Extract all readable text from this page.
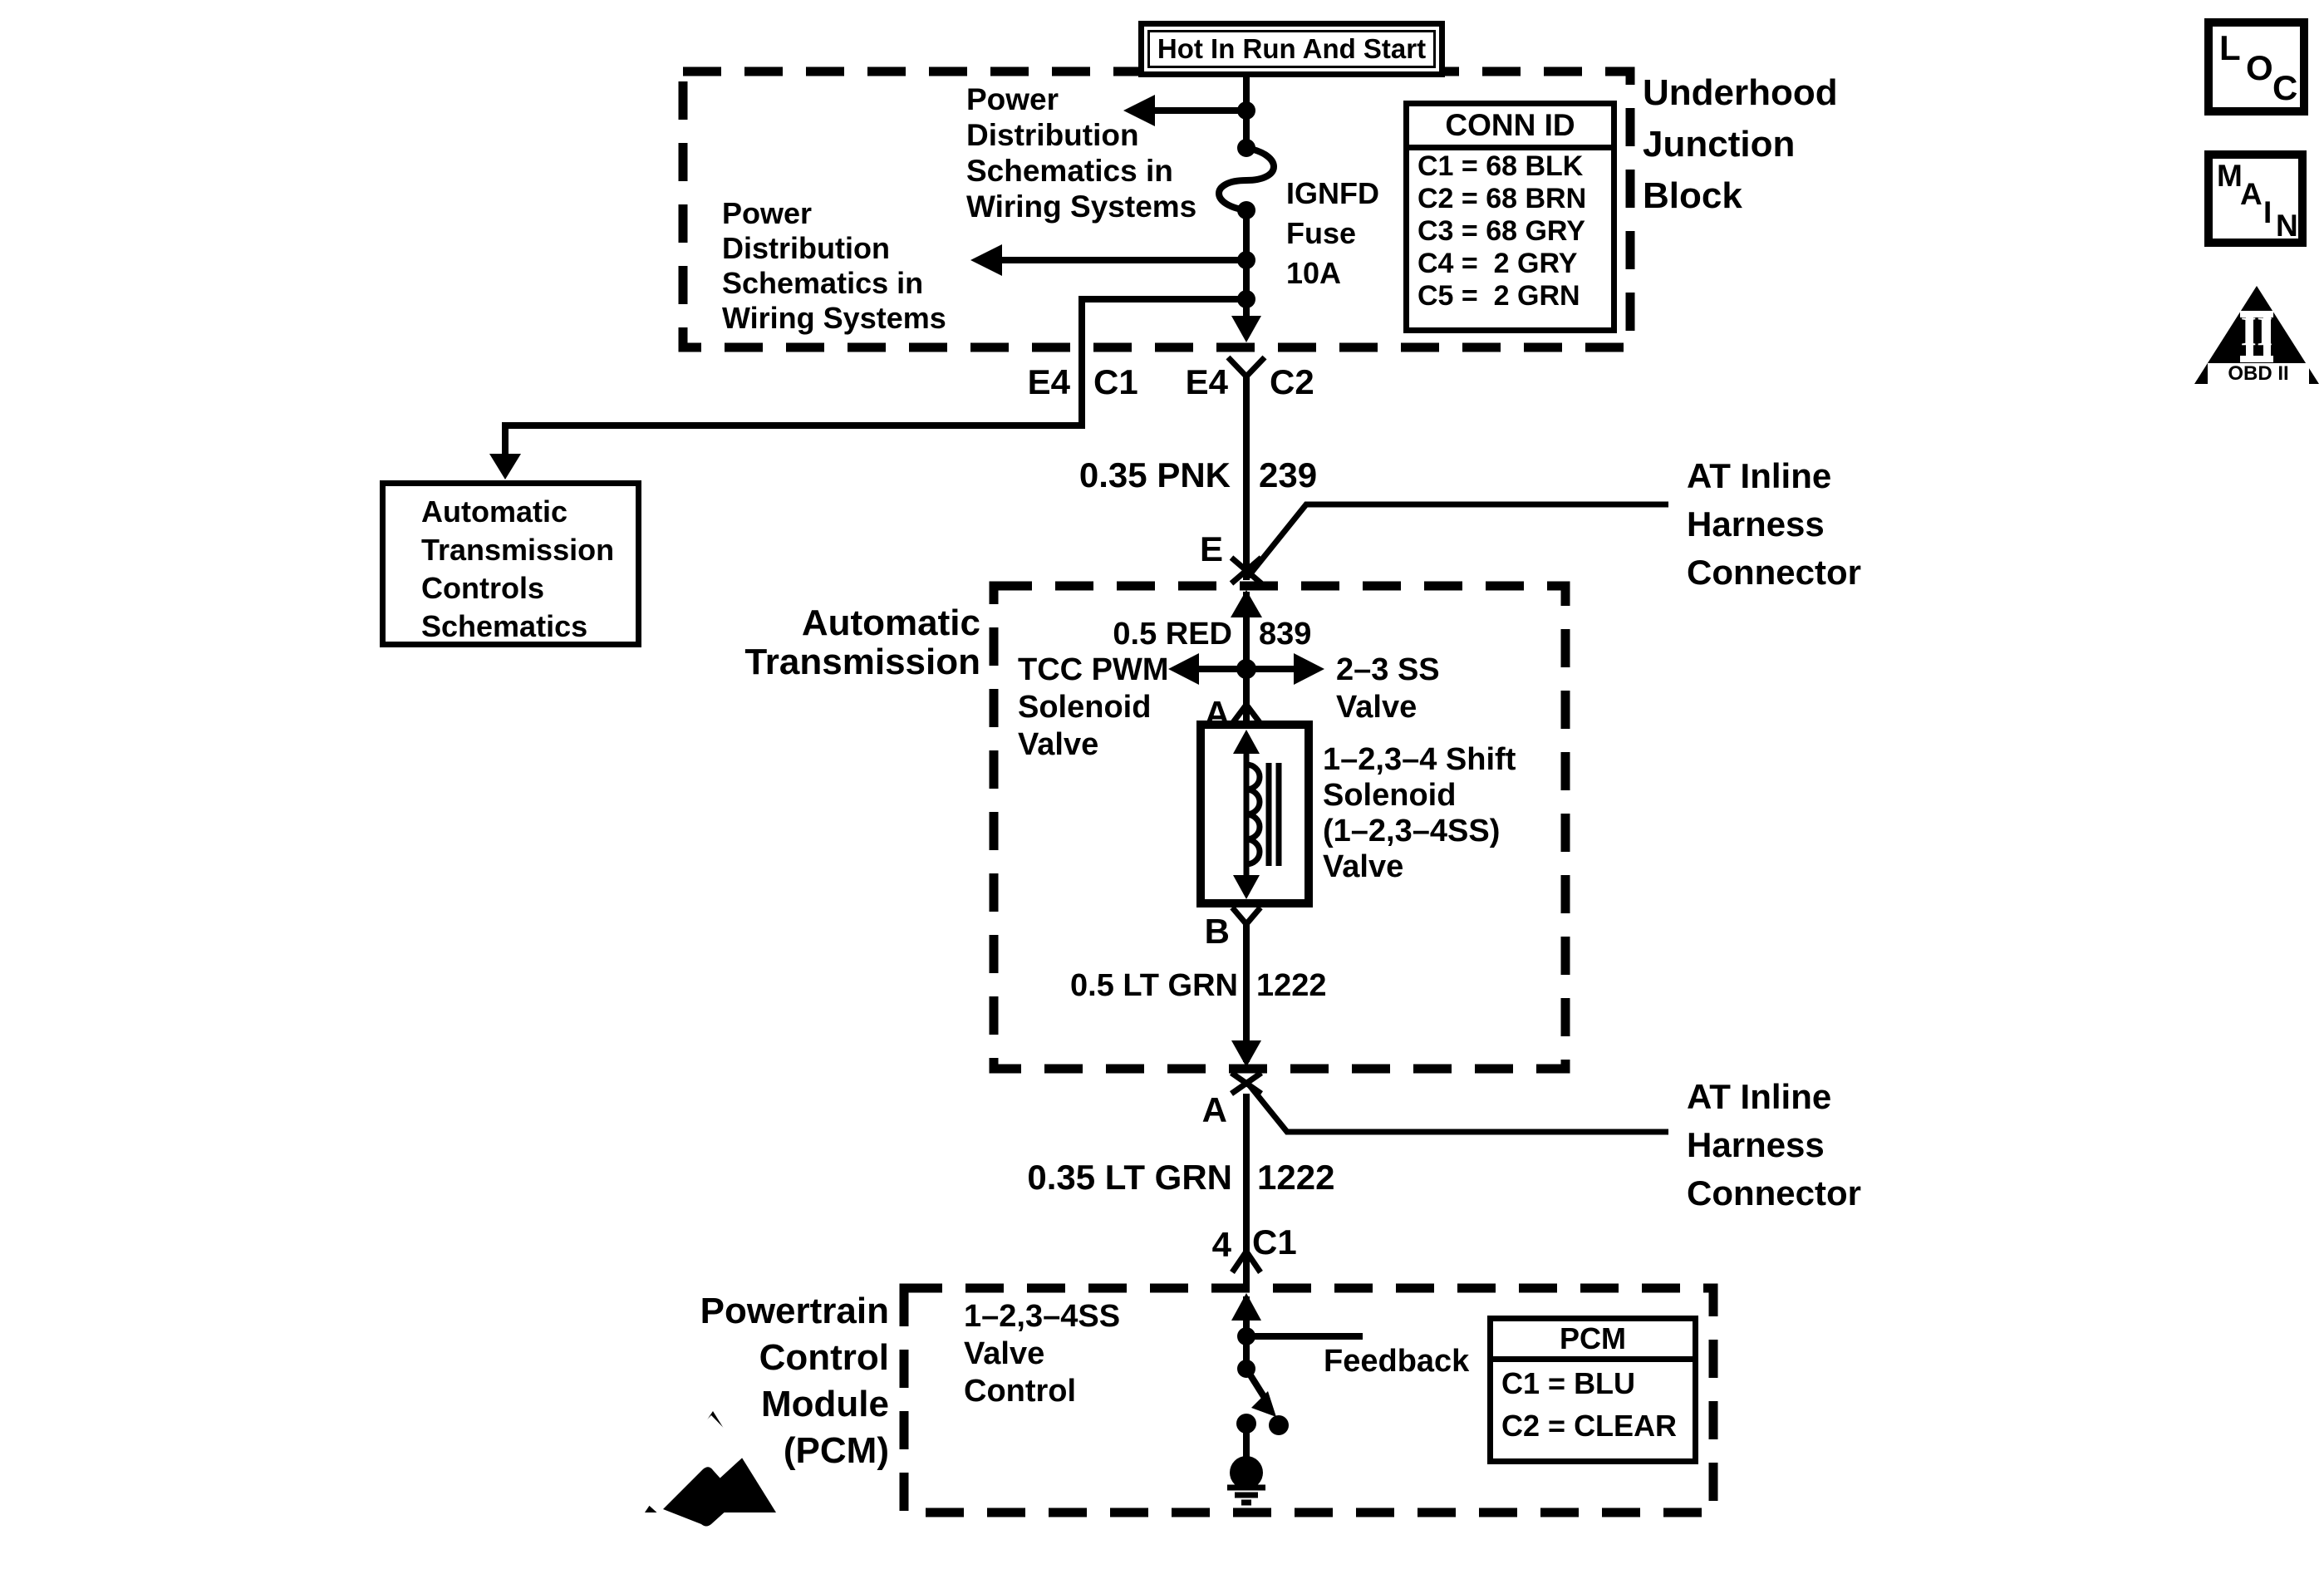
Hot In Run And Start
Underhood
Junction
Block
CONN ID
C1 = 68 BLK
C2 = 68 BRN
C3 = 68 GRY
C4 = 2 GRY
C5 = 2 GRN
IGNFD
Fuse
10A
Power
Distribution
Schematics in
Wiring Systems
Power
Distribution
Schematics in
Wiring Systems
E4 C1	E4 C2
0.35 PNK 239
E
AT Inline
Harness
Connector
Automatic
Transmission
Controls
Schematics	Automatic
Transmission
0.5 RED 839
TCC PWM
Solenoid
Valve
2–3 SS
Valve
A
1–2,3–4 Shift
Solenoid
(1–2,3–4SS)
Valve
B
0.5 LT GRN 1222
A	AT Inline
Harness
Connector
0.35 LT GRN 1222
4 C1
Powertrain
Control
Module
(PCM)
1–2,3–4SS
Valve
Control
Feedback
PCM
C1 = BLU
C2 = CLEAR
L
O
C
M
A
I N
II
OBD II
